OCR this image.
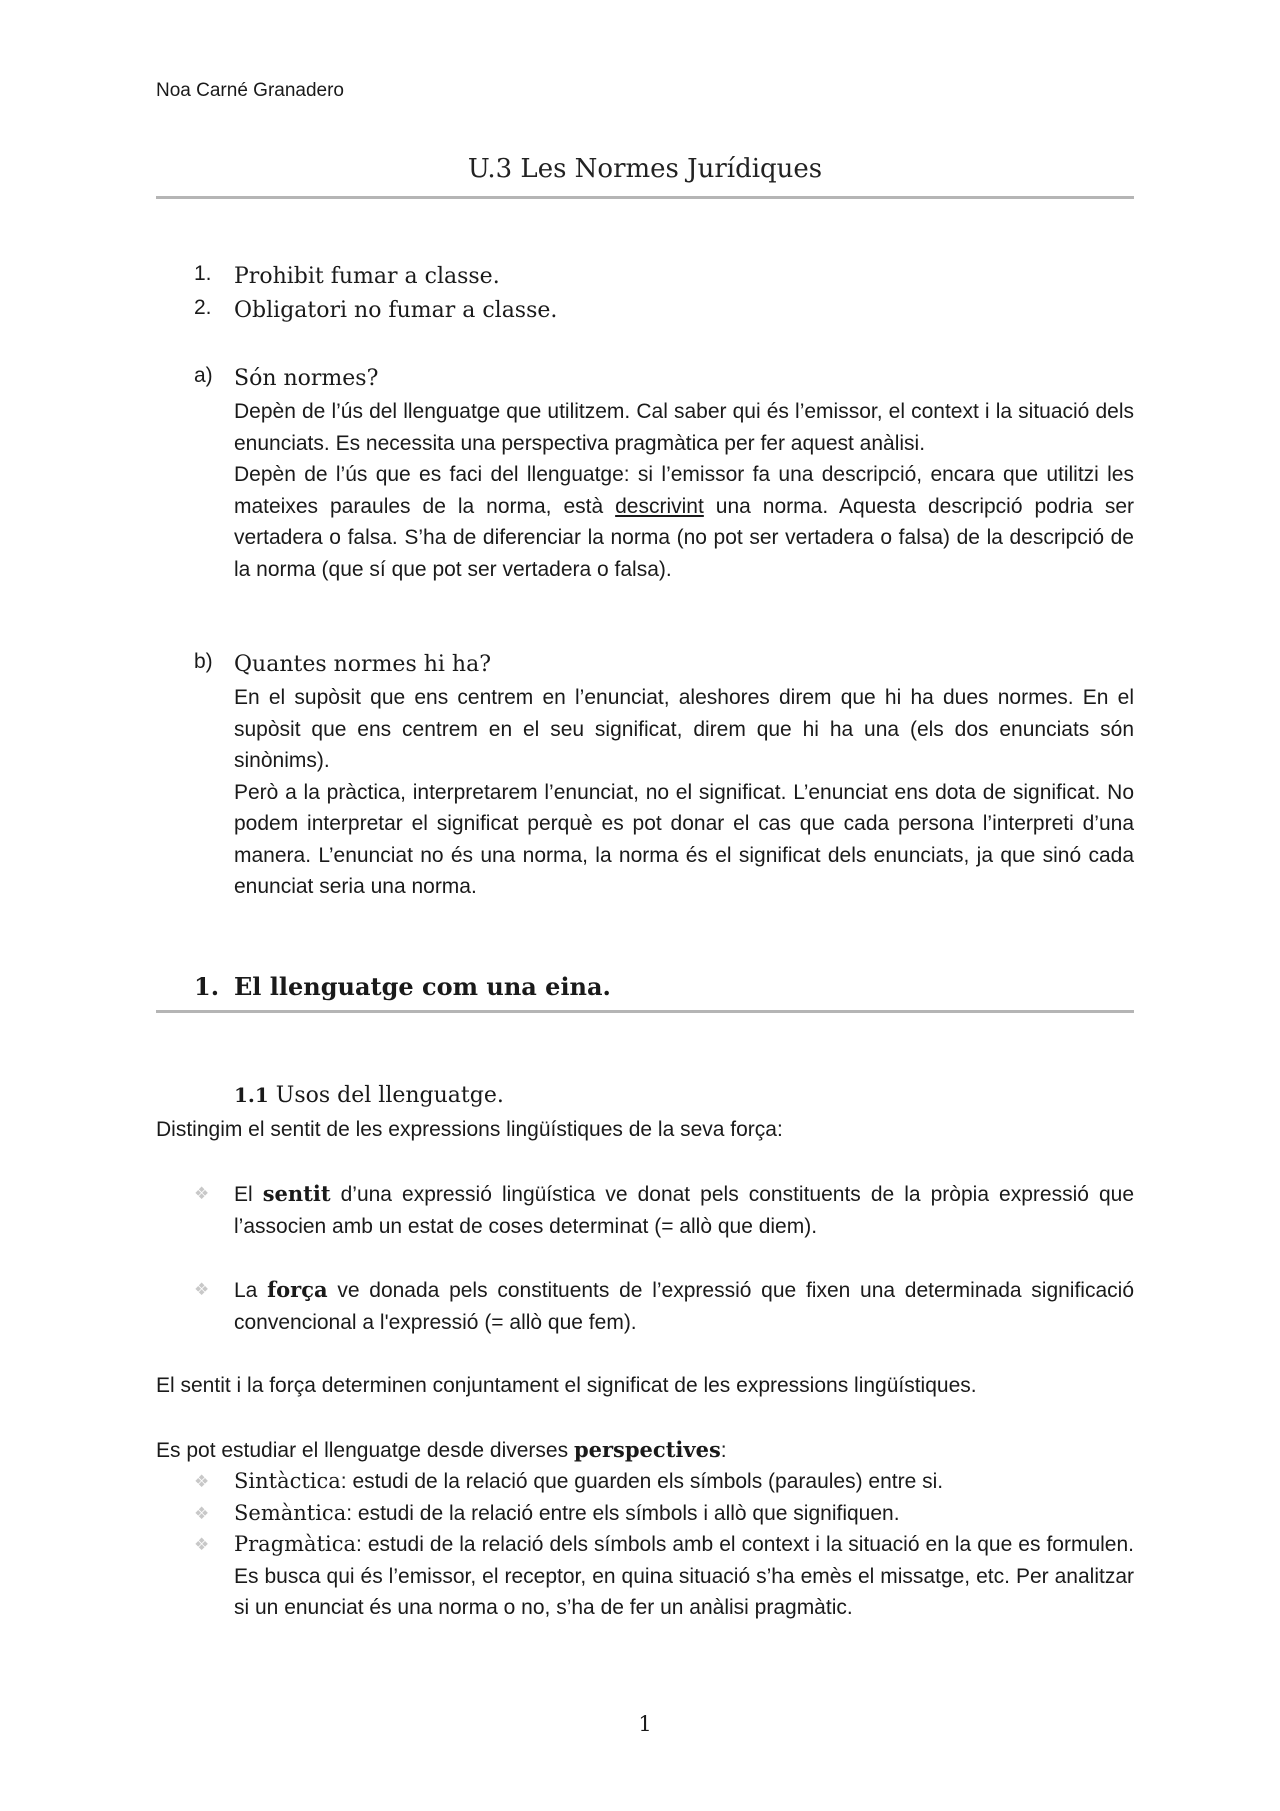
Noa Carné Granadero
U.3 Les Normes Jurídiques
1. Prohibit fumar a classe.
2. Obligatori no fumar a classe.
a) Són normes?
Depèn de l’ús del llenguatge que utilitzem. Cal saber qui és l’emissor, el context i la situació dels enunciats. Es necessita una perspectiva pragmàtica per fer aquest anàlisi.
Depèn de l’ús que es faci del llenguatge: si l’emissor fa una descripció, encara que utilitzi les mateixes paraules de la norma, està descrivint una norma. Aquesta descripció podria ser vertadera o falsa. S’ha de diferenciar la norma (no pot ser vertadera o falsa) de la descripció de la norma (que sí que pot ser vertadera o falsa).
b) Quantes normes hi ha?
En el supòsit que ens centrem en l’enunciat, aleshores direm que hi ha dues normes. En el supòsit que ens centrem en el seu significat, direm que hi ha una (els dos enunciats són sinònims).
Però a la pràctica, interpretarem l’enunciat, no el significat. L’enunciat ens dota de significat. No podem interpretar el significat perquè es pot donar el cas que cada persona l’interpreti d’una manera. L’enunciat no és una norma, la norma és el significat dels enunciats, ja que sinó cada enunciat seria una norma.
1. El llenguatge com una eina.
1.1 Usos del llenguatge.
Distingim el sentit de les expressions lingüístiques de la seva força:
❖ El sentit d’una expressió lingüística ve donat pels constituents de la pròpia expressió que l’associen amb un estat de coses determinat (= allò que diem).
❖ La força ve donada pels constituents de l’expressió que fixen una determinada significació convencional a l'expressió (= allò que fem).
El sentit i la força determinen conjuntament el significat de les expressions lingüístiques.
Es pot estudiar el llenguatge desde diverses perspectives:
❖ Sintàctica: estudi de la relació que guarden els símbols (paraules) entre si.
❖ Semàntica: estudi de la relació entre els símbols i allò que signifiquen.
❖ Pragmàtica: estudi de la relació dels símbols amb el context i la situació en la que es formulen. Es busca qui és l’emissor, el receptor, en quina situació s’ha emès el missatge, etc. Per analitzar si un enunciat és una norma o no, s’ha de fer un anàlisi pragmàtic.
1
